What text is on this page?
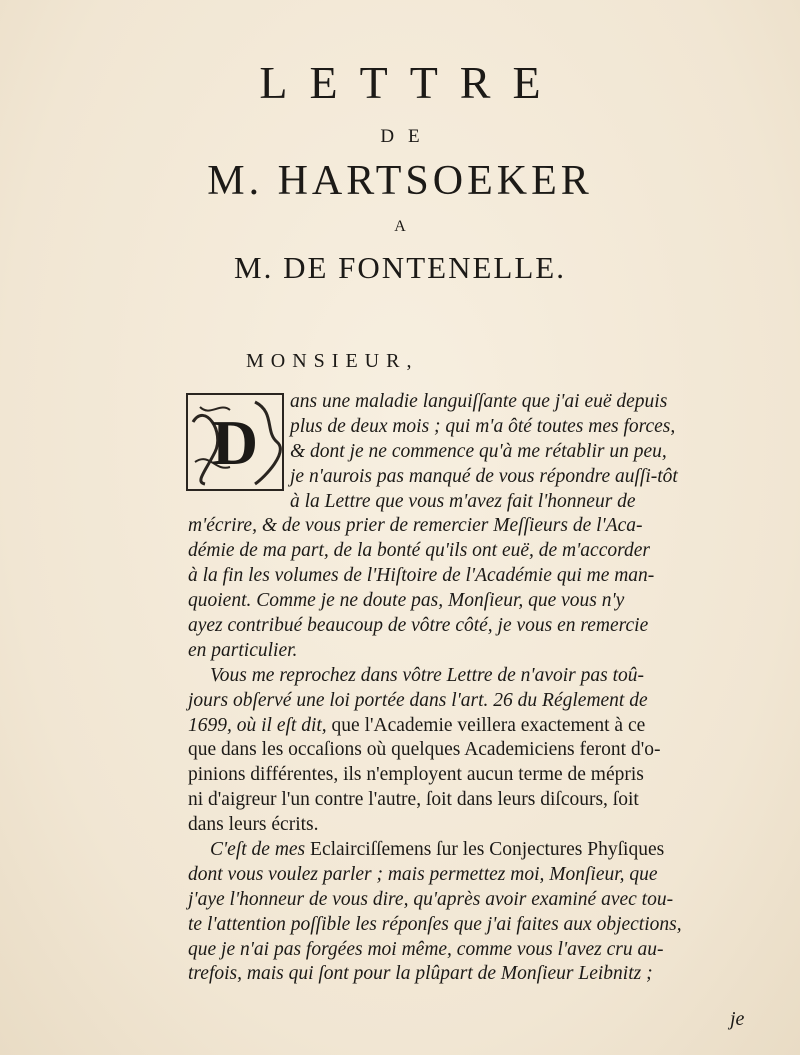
LETTRE
DE
M. HARTSOEKER
A
M. DE FONTENELLE.
MONSIEUR,
D
ans une maladie languiſſante que j'ai euë depuis
plus de deux mois ; qui m'a ôté toutes mes forces,
& dont je ne commence qu'à me rétablir un peu,
je n'aurois pas manqué de vous répondre auſſi-tôt
à la Lettre que vous m'avez fait l'honneur de
m'écrire, & de vous prier de remercier Meſſieurs de l'Aca-
démie de ma part, de la bonté qu'ils ont euë, de m'accorder
à la fin les volumes de l'Hiſtoire de l'Académie qui me man-
quoient. Comme je ne doute pas, Monſieur, que vous n'y
ayez contribué beaucoup de vôtre côté, je vous en remercie
en particulier.
Vous me reprochez dans vôtre Lettre de n'avoir pas toû-
jours obſervé une loi portée dans l'art. 26 du Réglement de
1699, où il eſt dit, que l'Academie veillera exactement à ce
que dans les occaſions où quelques Academiciens feront d'o-
pinions différentes, ils n'employent aucun terme de mépris
ni d'aigreur l'un contre l'autre, ſoit dans leurs diſcours, ſoit
dans leurs écrits.
C'eſt de mes Eclairciſſemens ſur les Conjectures Phyſiques
dont vous voulez parler ; mais permettez moi, Monſieur, que
j'aye l'honneur de vous dire, qu'après avoir examiné avec tou-
te l'attention poſſible les réponſes que j'ai faites aux objections,
que je n'ai pas forgées moi même, comme vous l'avez cru au-
trefois, mais qui ſont pour la plûpart de Monſieur Leibnitz ;
je
